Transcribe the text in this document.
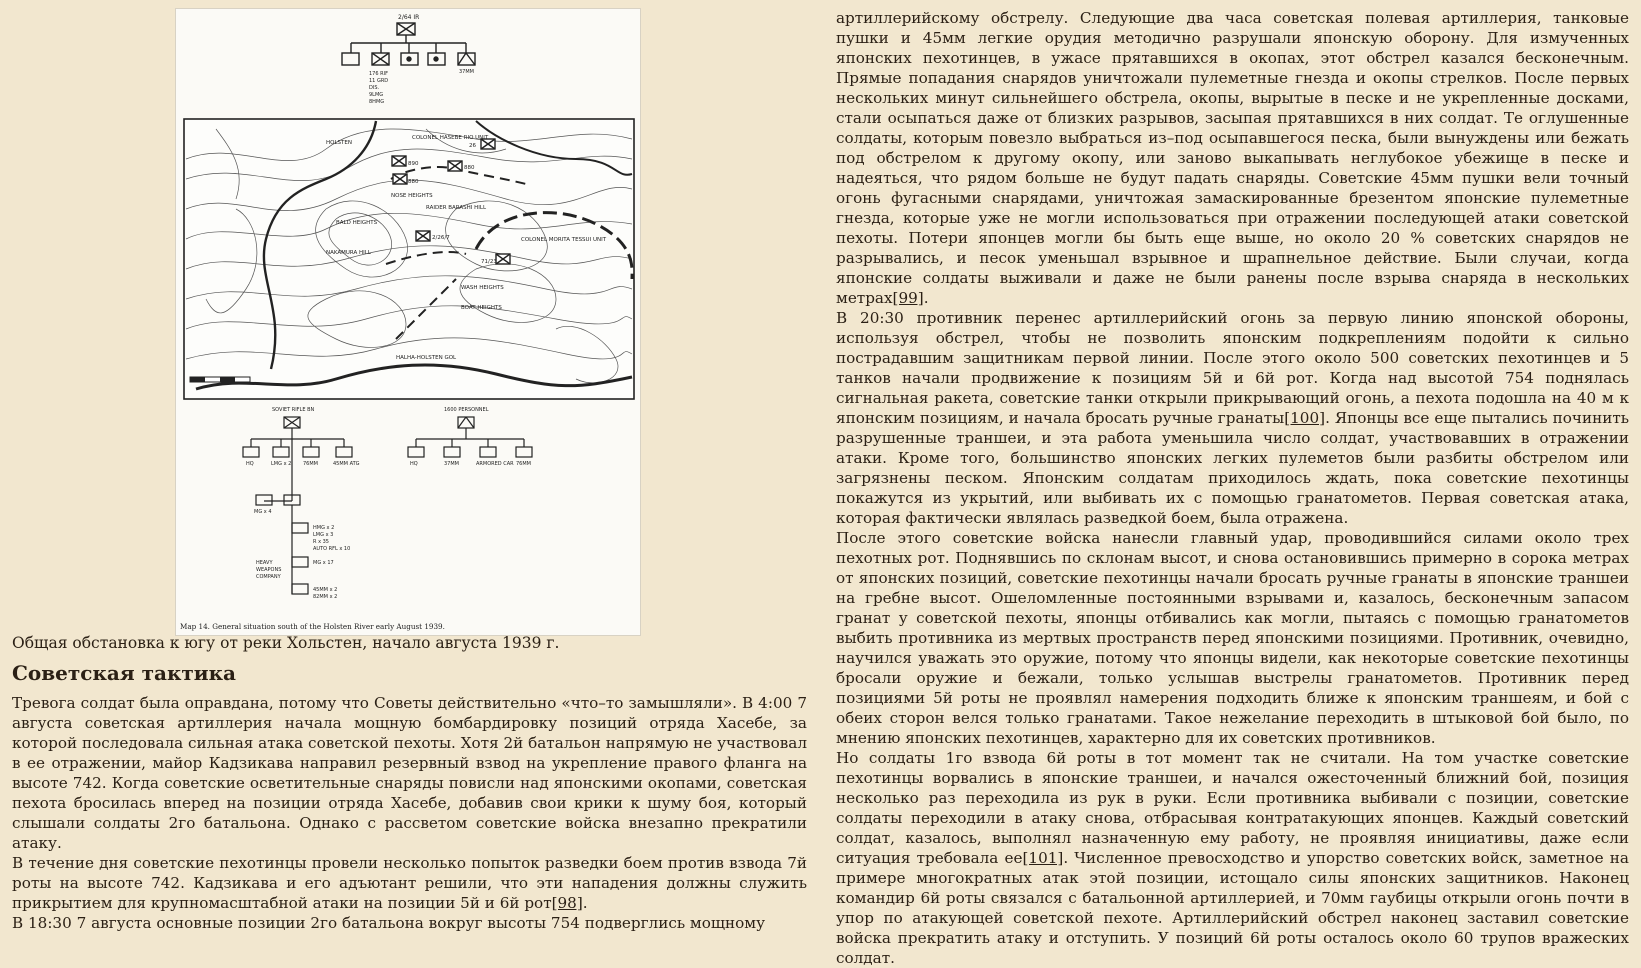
2/64 IR
176 RIF
11 GRD
DIS.
9LMG
8HMG
37MM
COLONEL HASEBE RIO UNIT
890
880
880
26
NOSE HEIGHTS
RAIDER BARASHI HILL
COLONEL MORITA TESSUI UNIT
BALD HEIGHTS
2/26/7
71/23
NAKAMURA HILL
WASH HEIGHTS
BOAT HEIGHTS
HALHA-HOLSTEN GOL
HOLSTEN
SOVIET RIFLE BN
HQ	LMG x 2 76MM	45MM ATG
MG x 4
HMG x 2
LMG x 3
R x 35
AUTO RFL x 10
HEAVY
WEAPONS
COMPANY
MG x 17
45MM x 2
82MM x 2
1600 PERSONNEL
HQ	37MM	ARMORED CAR 76MM
Map 14. General situation south of the Holsten River early August 1939.
Общая обстановка к югу от реки Хольстен, начало августа 1939 г.
Советская тактика

Тревога солдат была оправдана, потому что Советы действительно «что–то замышляли». В 4:00 7 августа советская артиллерия начала мощную бомбардировку позиций отряда Хасебе, за которой последовала сильная атака советской пехоты. Хотя 2⁣й батальон напрямую не участвовал в ее отражении, майор Кадзикава направил резервный взвод на укрепление правого фланга на высоте 742. Когда советские осветительные снаряды повисли над японскими окопами, советская пехота бросилась вперед на позиции отряда Хасебе, добавив свои крики к шуму боя, который слышали солдаты 2⁣го батальона. Однако с рассветом советские войска внезапно прекратили атаку.

В течение дня советские пехотинцы провели несколько попыток разведки боем против взвода 7⁣й роты на высоте 742. Кадзикава и его адъютант решили, что эти нападения должны служить прикрытием для крупномасштабной атаки на позиции 5⁣й и 6⁣й рот[98].

В 18:30 7 августа основные позиции 2⁣го батальона вокруг высоты 754 подверглись мощному

артиллерийскому обстрелу. Следующие два часа советская полевая артиллерия, танковые пушки и 45⁣мм легкие орудия методично разрушали японскую оборону. Для измученных японских пехотинцев, в ужасе прятавшихся в окопах, этот обстрел казался бесконечным. Прямые попадания снарядов уничтожали пулеметные гнезда и окопы стрелков. После первых нескольких минут сильнейшего обстрела, окопы, вырытые в песке и не укрепленные досками, стали осыпаться даже от близких разрывов, засыпая прятавшихся в них солдат. Те оглушенные солдаты, которым повезло выбраться из–под осыпавшегося песка, были вынуждены или бежать под обстрелом к другому окопу, или заново выкапывать неглубокое убежище в песке и надеяться, что рядом больше не будут падать снаряды. Советские 45⁣мм пушки вели точный огонь фугасными снарядами, уничтожая замаскированные брезентом японские пулеметные гнезда, которые уже не могли использоваться при отражении последующей атаки советской пехоты. Потери японцев могли бы быть еще выше, но около 20 % советских снарядов не разрывались, и песок уменьшал взрывное и шрапнельное действие. Были случаи, когда японские солдаты выживали и даже не были ранены после взрыва снаряда в нескольких метрах[99].

В 20:30 противник перенес артиллерийский огонь за первую линию японской обороны, используя обстрел, чтобы не позволить японским подкреплениям подойти к сильно пострадавшим защитникам первой линии. После этого около 500 советских пехотинцев и 5 танков начали продвижение к позициям 5⁣й и 6⁣й рот. Когда над высотой 754 поднялась сигнальная ракета, советские танки открыли прикрывающий огонь, а пехота подошла на 40 м к японским позициям, и начала бросать ручные гранаты[100]. Японцы все еще пытались починить разрушенные траншеи, и эта работа уменьшила число солдат, участвовавших в отражении атаки. Кроме того, большинство японских легких пулеметов были разбиты обстрелом или загрязнены песком. Японским солдатам приходилось ждать, пока советские пехотинцы покажутся из укрытий, или выбивать их с помощью гранатометов. Первая советская атака, которая фактически являлась разведкой боем, была отражена.

После этого советские войска нанесли главный удар, проводившийся силами около трех пехотных рот. Поднявшись по склонам высот, и снова остановившись примерно в сорока метрах от японских позиций, советские пехотинцы начали бросать ручные гранаты в японские траншеи на гребне высот. Ошеломленные постоянными взрывами и, казалось, бесконечным запасом гранат у советской пехоты, японцы отбивались как могли, пытаясь с помощью гранатометов выбить противника из мертвых пространств перед японскими позициями. Противник, очевидно, научился уважать это оружие, потому что японцы видели, как некоторые советские пехотинцы бросали оружие и бежали, только услышав выстрелы гранатометов. Противник перед позициями 5⁣й роты не проявлял намерения подходить ближе к японским траншеям, и бой с обеих сторон велся только гранатами. Такое нежелание переходить в штыковой бой было, по мнению японских пехотинцев, характерно для их советских противников.

Но солдаты 1⁣го взвода 6⁣й роты в тот момент так не считали. На том участке советские пехотинцы ворвались в японские траншеи, и начался ожесточенный ближний бой, позиция несколько раз переходила из рук в руки. Если противника выбивали с позиции, советские солдаты переходили в атаку снова, отбрасывая контратакующих японцев. Каждый советский солдат, казалось, выполнял назначенную ему работу, не проявляя инициативы, даже если ситуация требовала ее[101]. Численное превосходство и упорство советских войск, заметное на примере многократных атак этой позиции, истощало силы японских защитников. Наконец командир 6⁣й роты связался с батальонной артиллерией, и 70⁣мм гаубицы открыли огонь почти в упор по атакующей советской пехоте. Артиллерийский обстрел наконец заставил советские войска прекратить атаку и отступить. У позиций 6⁣й роты осталось около 60 трупов вражеских солдат.
